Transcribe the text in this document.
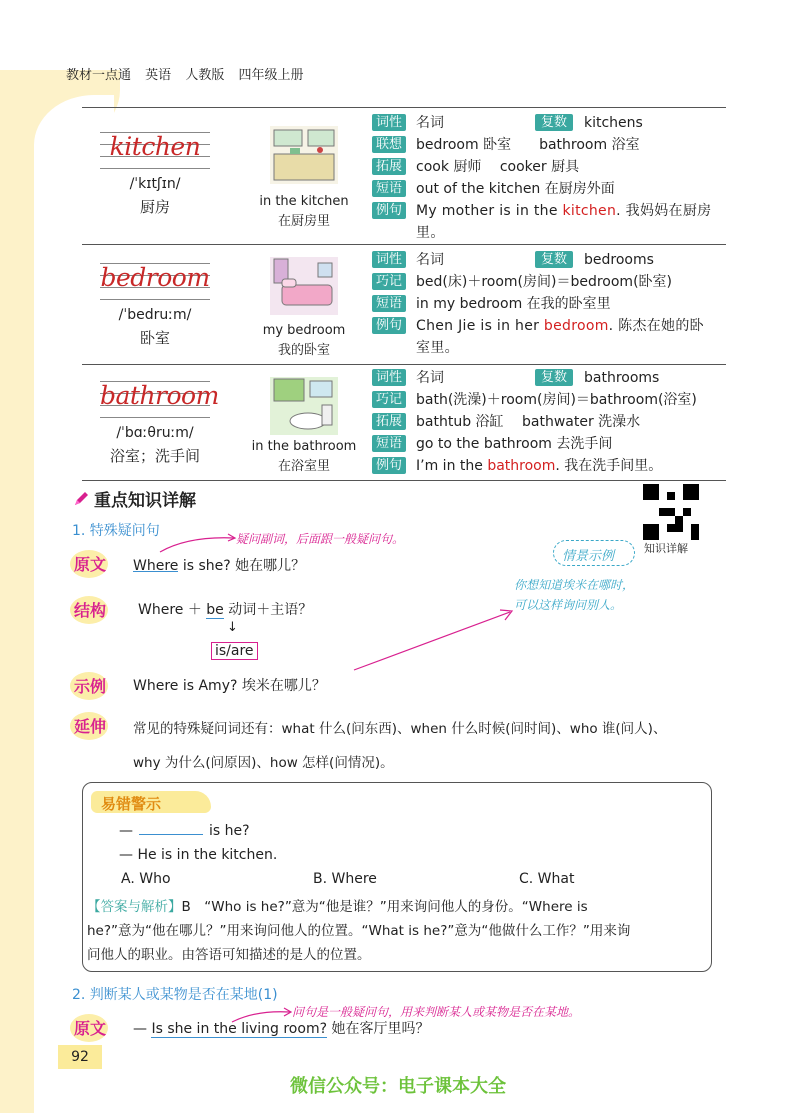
教材一点通 英语 人教版 四年级上册
kitchen
/ˈkɪtʃɪn/
厨房	in the kitchen
在厨房里
词性 名词	复数	kitchens
联想 bedroom 卧室　　bathroom 浴室
拓展 cook 厨师　 cooker 厨具
短语 out of the kitchen 在厨房外面
例句 My mother is in the kitchen. 我妈妈在厨房里。
bedroom
/ˈbedruːm/
卧室	my bedroom
我的卧室
词性 名词	复数	bedrooms
巧记 bed(床)＋room(房间)＝bedroom(卧室)
短语 in my bedroom 在我的卧室里
例句 Chen Jie is in her bedroom. 陈杰在她的卧室里。
bathroom
/ˈbɑːθruːm/
浴室；洗手间
in the bathroom
在浴室里
词性 名词	复数	bathrooms
巧记 bath(洗澡)＋room(房间)＝bathroom(浴室)
拓展 bathtub 浴缸　 bathwater 洗澡水
短语 go to the bathroom 去洗手间
例句 I’m in the bathroom. 我在洗手间里。
重点知识详解
知识详解
1. 特殊疑问句	疑问副词，后面跟一般疑问句。
原文 Where is she? 她在哪儿？
情景示例
你想知道埃米在哪时，
可以这样询问别人。
结构 Where ＋ be 动词＋主语？
↓
is/are
示例 Where is Amy? 埃米在哪儿？
延伸 常见的特殊疑问词还有：what 什么(问东西)、when 什么时候(问时间)、who 谁(问人)、
why 为什么(问原因)、how 怎样(问情况)。
易错警示
—	is he?
— He is in the kitchen.
A. Who	B. Where	C. What
【答案与解析】B　“Who is he?”意为“他是谁？”用来询问他人的身份。“Where is
he?”意为“他在哪儿？”用来询问他人的位置。“What is he?”意为“他做什么工作？”用来询
问他人的职业。由答语可知描述的是人的位置。
2. 判断某人或某物是否在某地(1)
问句是一般疑问句，用来判断某人或某物是否在某地。
原文 — Is she in the living room? 她在客厅里吗？
92
微信公众号：电子课本大全
